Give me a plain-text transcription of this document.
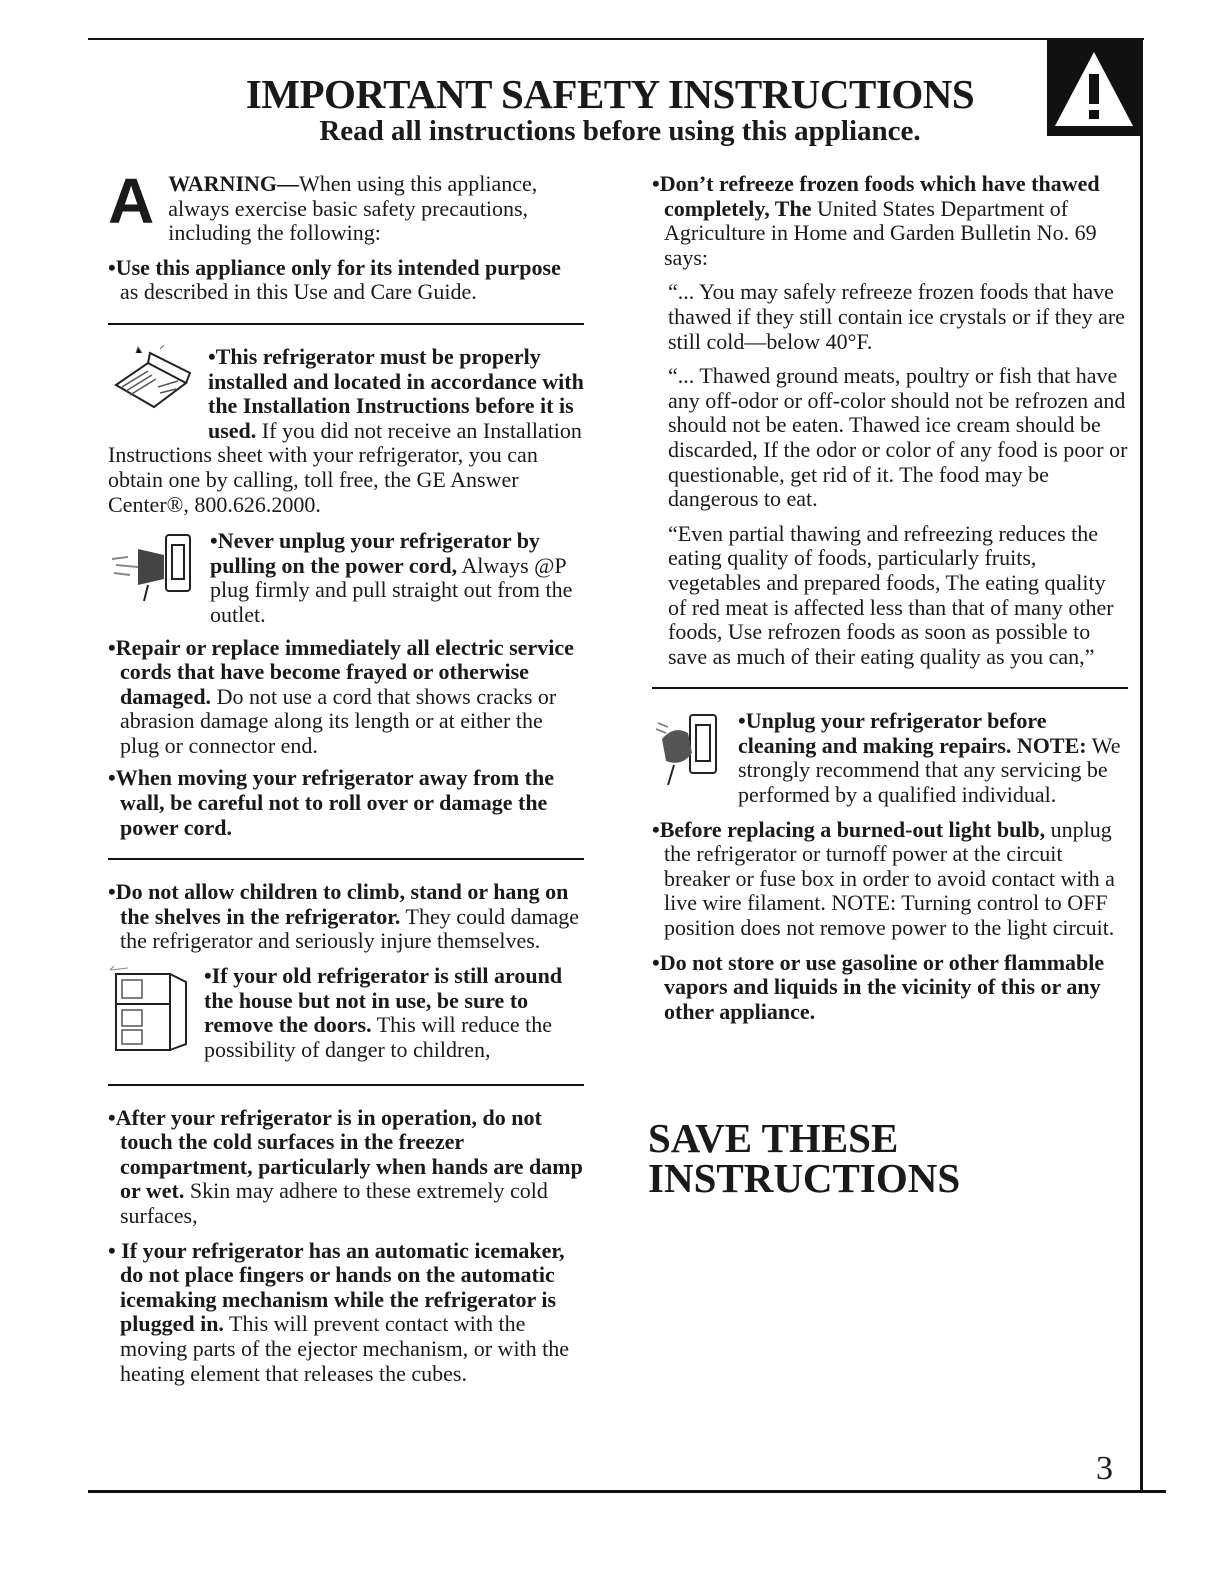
IMPORTANT SAFETY INSTRUCTIONS
Read all instructions before using this appliance.

A WARNING—When using this appliance, always exercise basic safety precautions, including the following:

•Use this appliance only for its intended purpose as described in this Use and Care Guide.

•This refrigerator must be properly installed and located in accordance with the Installation Instructions before it is used. If you did not receive an Installation Instructions sheet with your refrigerator, you can obtain one by calling, toll free, the GE Answer Center®, 800.626.2000.

•Never unplug your refrigerator by pulling on the power cord, Always @P plug firmly and pull straight out from the outlet.

•Repair or replace immediately all electric service cords that have become frayed or otherwise damaged. Do not use a cord that shows cracks or abrasion damage along its length or at either the plug or connector end.

•When moving your refrigerator away from the wall, be careful not to roll over or damage the power cord.

•Do not allow children to climb, stand or hang on the shelves in the refrigerator. They could damage the refrigerator and seriously injure themselves.

•If your old refrigerator is still around the house but not in use, be sure to remove the doors. This will reduce the possibility of danger to children,

•After your refrigerator is in operation, do not touch the cold surfaces in the freezer compartment, particularly when hands are damp or wet. Skin may adhere to these extremely cold surfaces,

• If your refrigerator has an automatic icemaker, do not place fingers or hands on the automatic icemaking mechanism while the refrigerator is plugged in. This will prevent contact with the moving parts of the ejector mechanism, or with the heating element that releases the cubes.

•Don’t refreeze frozen foods which have thawed completely, The United States Department of Agriculture in Home and Garden Bulletin No. 69 says:

“... You may safely refreeze frozen foods that have thawed if they still contain ice crystals or if they are still cold—below 40°F.

“... Thawed ground meats, poultry or fish that have any off-odor or off-color should not be refrozen and should not be eaten. Thawed ice cream should be discarded, If the odor or color of any food is poor or questionable, get rid of it. The food may be dangerous to eat.

“Even partial thawing and refreezing reduces the eating quality of foods, particularly fruits, vegetables and prepared foods, The eating quality of red meat is affected less than that of many other foods, Use refrozen foods as soon as possible to save as much of their eating quality as you can,”

•Unplug your refrigerator before cleaning and making repairs. NOTE: We strongly recommend that any servicing be performed by a qualified individual.

•Before replacing a burned-out light bulb, unplug the refrigerator or turnoff power at the circuit breaker or fuse box in order to avoid contact with a live wire filament. NOTE: Turning control to OFF position does not remove power to the light circuit.

•Do not store or use gasoline or other flammable vapors and liquids in the vicinity of this or any other appliance.

SAVE THESE
INSTRUCTIONS

3
